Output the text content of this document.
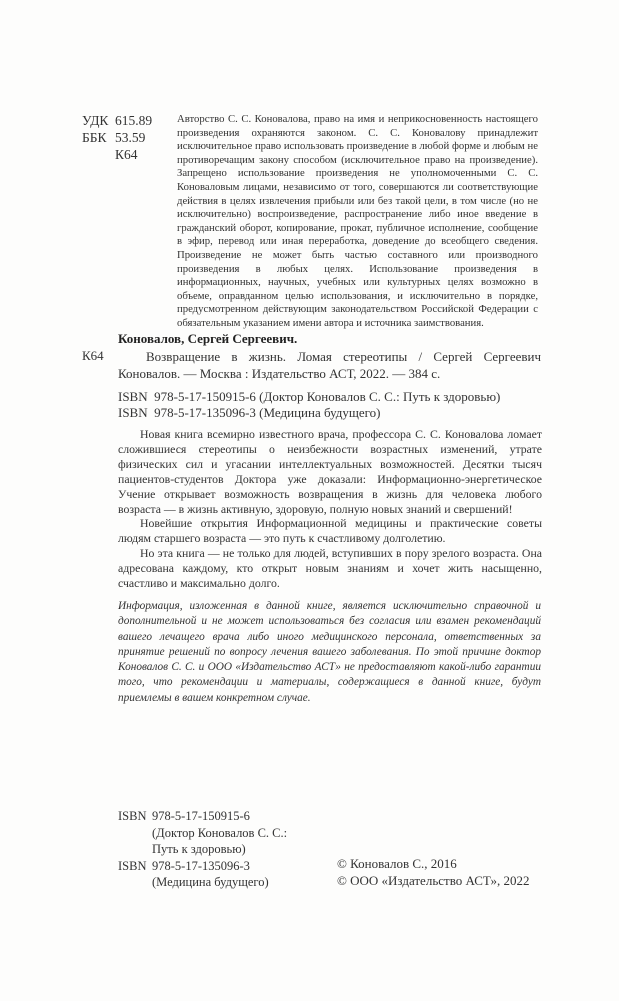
УДК 615.89
ББК 53.59
К64

Авторство С. С. Коновалова, право на имя и неприкосновенность настоящего произведения охраняются законом. С. С. Коновалову принадлежит исключительное право использовать произведение в любой форме и любым не противоречащим закону способом (исключительное право на произведение). Запрещено использование произведения не уполномоченными С. С. Коноваловым лицами, независимо от того, совершаются ли соответствующие действия в целях извлечения прибыли или без такой цели, в том числе (но не исключительно) воспроизведение, распространение либо иное введение в гражданский оборот, копирование, прокат, публичное исполнение, сообщение в эфир, перевод или иная переработка, доведение до всеобщего сведения. Произведение не может быть частью составного или производного произведения в любых целях. Использование произведения в информационных, научных, учебных или культурных целях возможно в объеме, оправданном целью использования, и исключительно в порядке, предусмотренном действующим законодательством Российской Федерации с обязательным указанием имени автора и источника заимствования.

Коновалов, Сергей Сергеевич.
К64	Возвращение в жизнь. Ломая стереотипы / Сергей Сергеевич Коновалов. — Москва : Издательство АСТ, 2022. — 384 с.
ISBN  978-5-17-150915-6 (Доктор Коновалов С. С.: Путь к здоровью)
ISBN  978-5-17-135096-3 (Медицина будущего)

Новая книга всемирно известного врача, профессора С. С. Коновалова ломает сложившиеся стереотипы о неизбежности возрастных изменений, утрате физических сил и угасании интеллектуальных возможностей. Десятки тысяч пациентов-студентов Доктора уже доказали: Информационно-энергетическое Учение открывает возможность возвращения в жизнь для человека любого возраста — в жизнь активную, здоровую, полную новых знаний и свершений!

Новейшие открытия Информационной медицины и практические советы людям старшего возраста — это путь к счастливому долголетию.

Но эта книга — не только для людей, вступивших в пору зрелого возраста. Она адресована каждому, кто открыт новым знаниям и хочет жить насыщенно, счастливо и максимально долго.

Информация, изложенная в данной книге, является исключительно справочной и дополнительной и не может использоваться без согласия или взамен рекомендаций вашего лечащего врача либо иного медицинского персонала, ответственных за принятие решений по вопросу лечения вашего заболевания. По этой причине доктор Коновалов С. С. и ООО «Издательство АСТ» не предоставляют какой-либо гарантии того, что рекомендации и материалы, содержащиеся в данной книге, будут приемлемы в вашем конкретном случае.
ISBN 978-5-17-150915-6
(Доктор Коновалов С. С.:
Путь к здоровью)
ISBN 978-5-17-135096-3
(Медицина будущего)
© Коновалов С., 2016
© ООО «Издательство АСТ», 2022
